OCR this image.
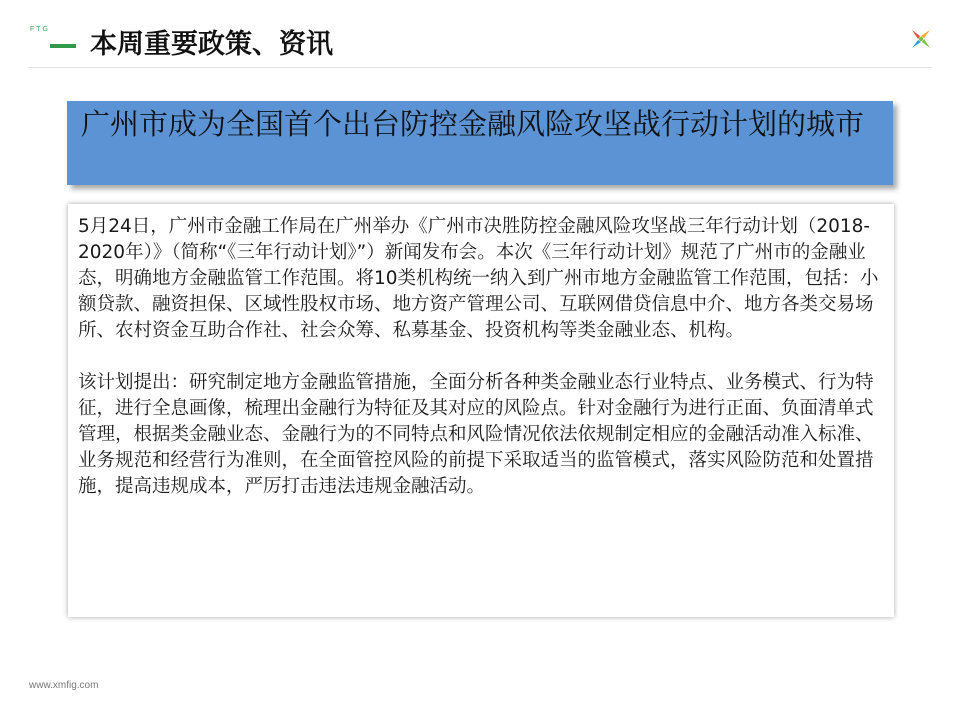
FTG 本周重要政策、资讯
广州市成为全国首个出台防控金融风险攻坚战行动计划的城市

5月24日，广州市金融工作局在广州举办《广州市决胜防控金融风险攻坚战三年行动计划（2018-2020年）》（简称“《三年行动计划》”）新闻发布会。本次《三年行动计划》规范了广州市的金融业态，明确地方金融监管工作范围。将10类机构统一纳入到广州市地方金融监管工作范围，包括：小额贷款、融资担保、区域性股权市场、地方资产管理公司、互联网借贷信息中介、地方各类交易场所、农村资金互助合作社、社会众筹、私募基金、投资机构等类金融业态、机构。

该计划提出：研究制定地方金融监管措施，全面分析各种类金融业态行业特点、业务模式、行为特征，进行全息画像，梳理出金融行为特征及其对应的风险点。针对金融行为进行正面、负面清单式管理，根据类金融业态、金融行为的不同特点和风险情况依法依规制定相应的金融活动准入标准、业务规范和经营行为准则，在全面管控风险的前提下采取适当的监管模式，落实风险防范和处置措施，提高违规成本，严厉打击违法违规金融活动。

www.xmfig.com
